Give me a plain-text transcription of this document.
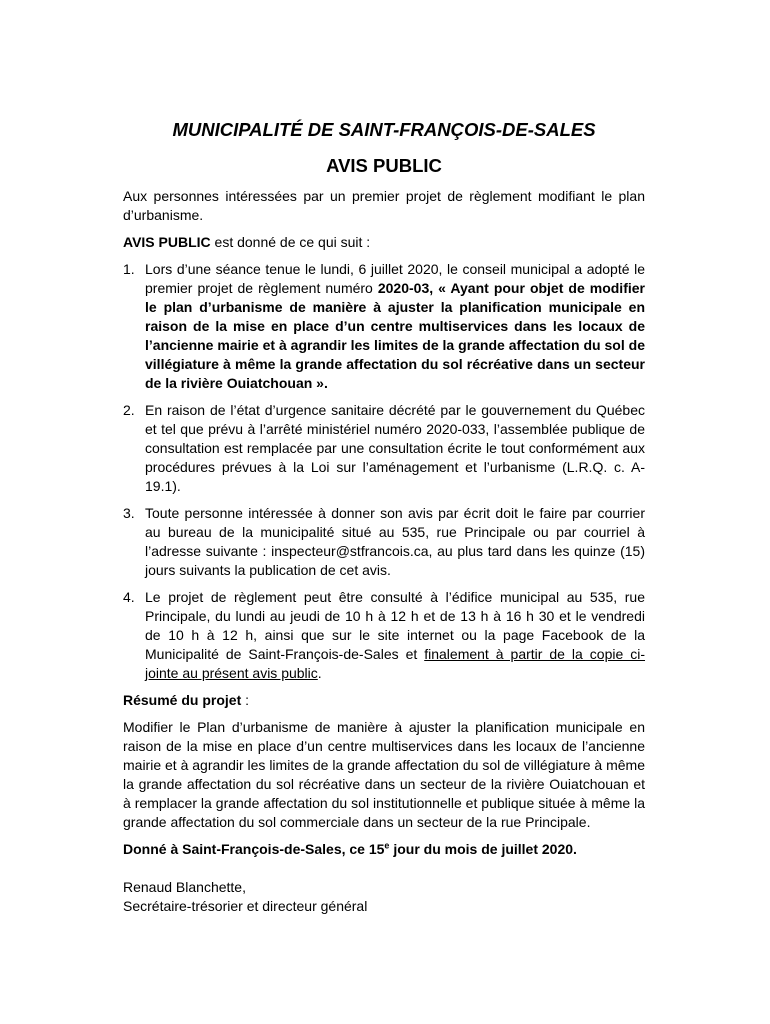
MUNICIPALITÉ DE SAINT-FRANÇOIS-DE-SALES
AVIS PUBLIC

Aux personnes intéressées par un premier projet de règlement modifiant le plan d’urbanisme.

AVIS PUBLIC est donné de ce qui suit :

1. Lors d’une séance tenue le lundi, 6 juillet 2020, le conseil municipal a adopté le premier projet de règlement numéro 2020-03, « Ayant pour objet de modifier le plan d’urbanisme de manière à ajuster la planification municipale en raison de la mise en place d’un centre multiservices dans les locaux de l’ancienne mairie et à agrandir les limites de la grande affectation du sol de villégiature à même la grande affectation du sol récréative dans un secteur de la rivière Ouiatchouan ».
2. En raison de l’état d’urgence sanitaire décrété par le gouvernement du Québec et tel que prévu à l’arrêté ministériel numéro 2020-033, l’assemblée publique de consultation est remplacée par une consultation écrite le tout conformément aux procédures prévues à la Loi sur l’aménagement et l’urbanisme (L.R.Q. c. A-19.1).
3. Toute personne intéressée à donner son avis par écrit doit le faire par courrier au bureau de la municipalité situé au 535, rue Principale ou par courriel à l’adresse suivante : inspecteur@stfrancois.ca, au plus tard dans les quinze (15) jours suivants la publication de cet avis.
4. Le projet de règlement peut être consulté à l’édifice municipal au 535, rue Principale, du lundi au jeudi de 10 h à 12 h et de 13 h à 16 h 30 et le vendredi de 10 h à 12 h, ainsi que sur le site internet ou la page Facebook de la Municipalité de Saint-François-de-Sales et finalement à partir de la copie ci-jointe au présent avis public.

Résumé du projet :

Modifier le Plan d’urbanisme de manière à ajuster la planification municipale en raison de la mise en place d’un centre multiservices dans les locaux de l’ancienne mairie et à agrandir les limites de la grande affectation du sol de villégiature à même la grande affectation du sol récréative dans un secteur de la rivière Ouiatchouan et à remplacer la grande affectation du sol institutionnelle et publique située à même la grande affectation du sol commerciale dans un secteur de la rue Principale.

Donné à Saint-François-de-Sales, ce 15e jour du mois de juillet 2020.

Renaud Blanchette,

Secrétaire-trésorier et directeur général
